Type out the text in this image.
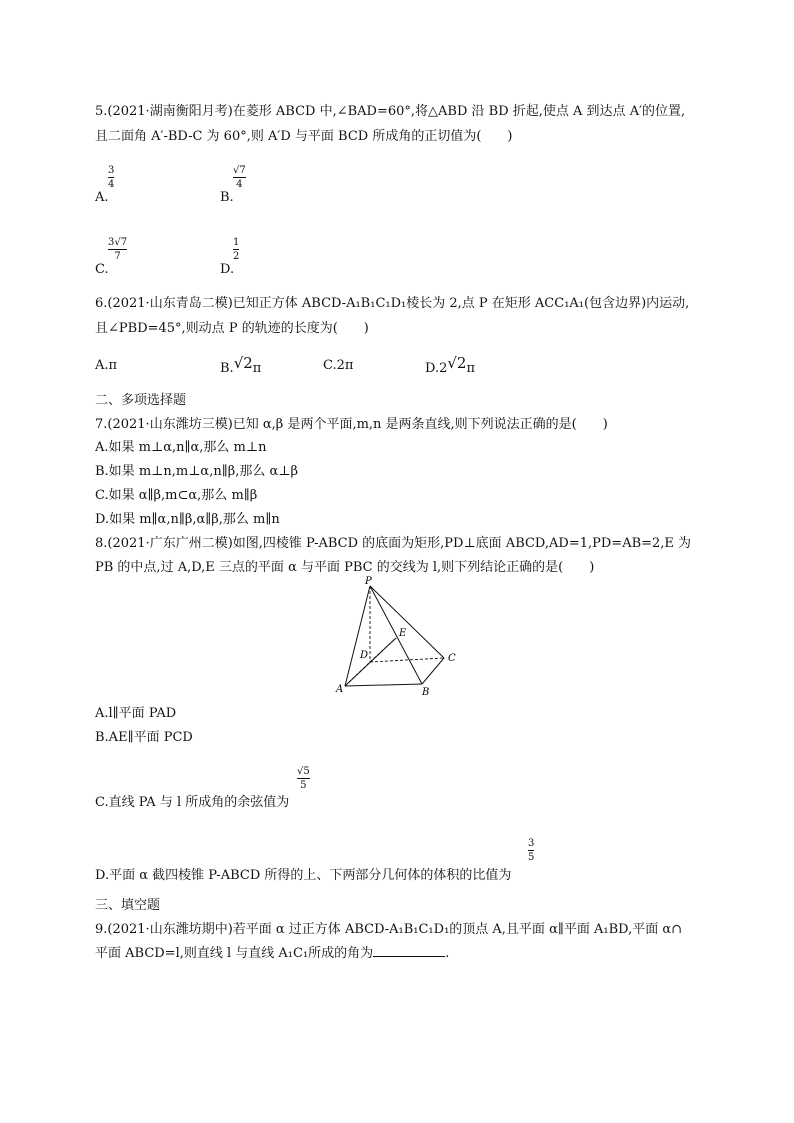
5.(2021·湖南衡阳月考)在菱形 ABCD 中,∠BAD=60°,将△ABD 沿 BD 折起,使点 A 到达点 A′的位置,
且二面角 A′-BD-C 为 60°,则 A′D 与平面 BCD 所成角的正切值为(　　)
A.
3
4
B.
√7
4
C.
3√7
7
D.
1
2
6.(2021·山东青岛二模)已知正方体 ABCD-A₁B₁C₁D₁棱长为 2,点 P 在矩形 ACC₁A₁(包含边界)内运动,
且∠PBD=45°,则动点 P 的轨迹的长度为(　　)
A.π	B.√2π	C.2π	D.2√2π
二、多项选择题
7.(2021·山东潍坊三模)已知 α,β 是两个平面,m,n 是两条直线,则下列说法正确的是(　　)
A.如果 m⊥α,n∥α,那么 m⊥n
B.如果 m⊥n,m⊥α,n∥β,那么 α⊥β
C.如果 α∥β,m⊂α,那么 m∥β
D.如果 m∥α,n∥β,α∥β,那么 m∥n
8.(2021·广东广州二模)如图,四棱锥 P-ABCD 的底面为矩形,PD⊥底面 ABCD,AD=1,PD=AB=2,E 为
PB 的中点,过 A,D,E 三点的平面 α 与平面 PBC 的交线为 l,则下列结论正确的是(　　)
P
E
D	C
A	B
A.l∥平面 PAD
B.AE∥平面 PCD
C.直线 PA 与 l 所成角的余弦值为
√5
5
D.平面 α 截四棱锥 P-ABCD 所得的上、下两部分几何体的体积的比值为
3
5
三、填空题
9.(2021·山东潍坊期中)若平面 α 过正方体 ABCD-A₁B₁C₁D₁的顶点 A,且平面 α∥平面 A₁BD,平面 α∩
平面 ABCD=l,则直线 l 与直线 A₁C₁所成的角为	.
